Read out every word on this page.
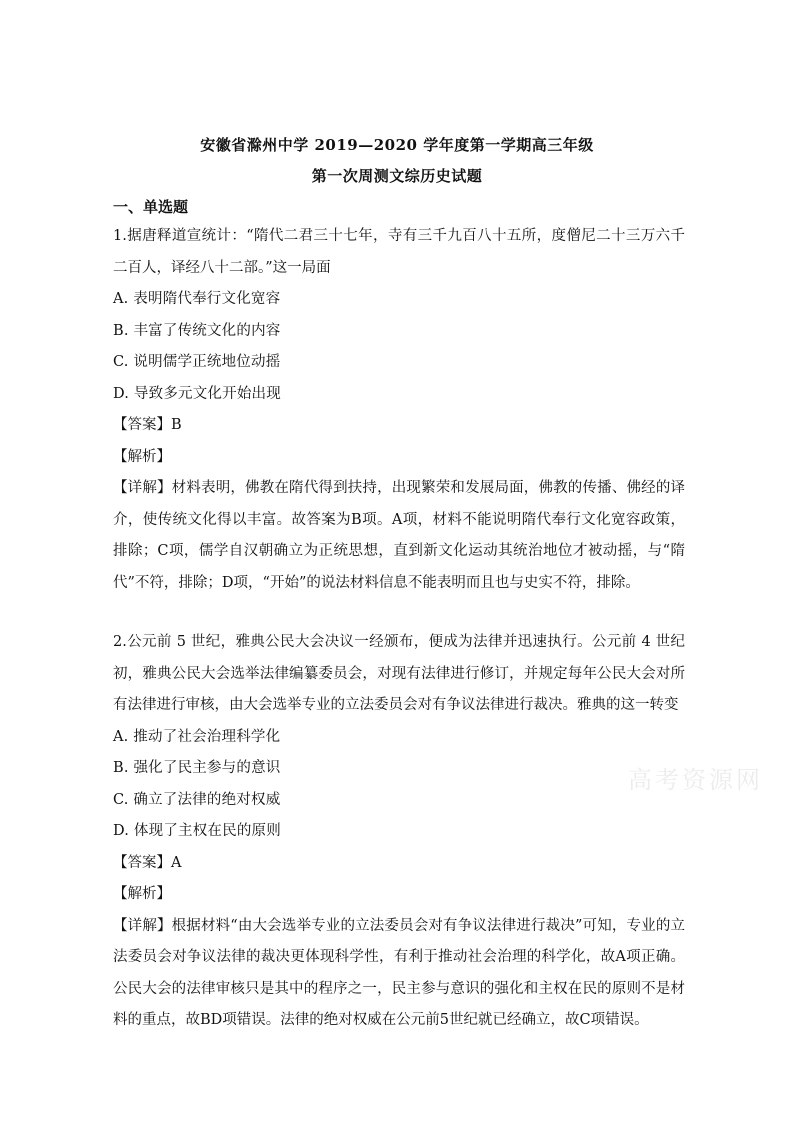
安徽省滁州中学 2019—2020 学年度第一学期高三年级
第一次周测文综历史试题
一、单选题

1.据唐释道宣统计：“隋代二君三十七年，寺有三千九百八十五所，度僧尼二十三万六千二百人，译经八十二部。”这一局面

A. 表明隋代奉行文化宽容

B. 丰富了传统文化的内容

C. 说明儒学正统地位动摇

D. 导致多元文化开始出现

【答案】B

【解析】

【详解】材料表明，佛教在隋代得到扶持，出现繁荣和发展局面，佛教的传播、佛经的译介，使传统文化得以丰富。故答案为B项。A项，材料不能说明隋代奉行文化宽容政策，排除；C项，儒学自汉朝确立为正统思想，直到新文化运动其统治地位才被动摇，与“隋代”不符，排除；D项，“开始”的说法材料信息不能表明而且也与史实不符，排除。

2.公元前 5 世纪，雅典公民大会决议一经颁布，便成为法律并迅速执行。公元前 4 世纪初，雅典公民大会选举法律编纂委员会，对现有法律进行修订，并规定每年公民大会对所有法律进行审核，由大会选举专业的立法委员会对有争议法律进行裁决。雅典的这一转变

A. 推动了社会治理科学化

B. 强化了民主参与的意识

C. 确立了法律的绝对权威

D. 体现了主权在民的原则

【答案】A

【解析】

【详解】根据材料“由大会选举专业的立法委员会对有争议法律进行裁决”可知，专业的立法委员会对争议法律的裁决更体现科学性，有利于推动社会治理的科学化，故A项正确。公民大会的法律审核只是其中的程序之一，民主参与意识的强化和主权在民的原则不是材料的重点，故BD项错误。法律的绝对权威在公元前5世纪就已经确立，故C项错误。

高考资源网
